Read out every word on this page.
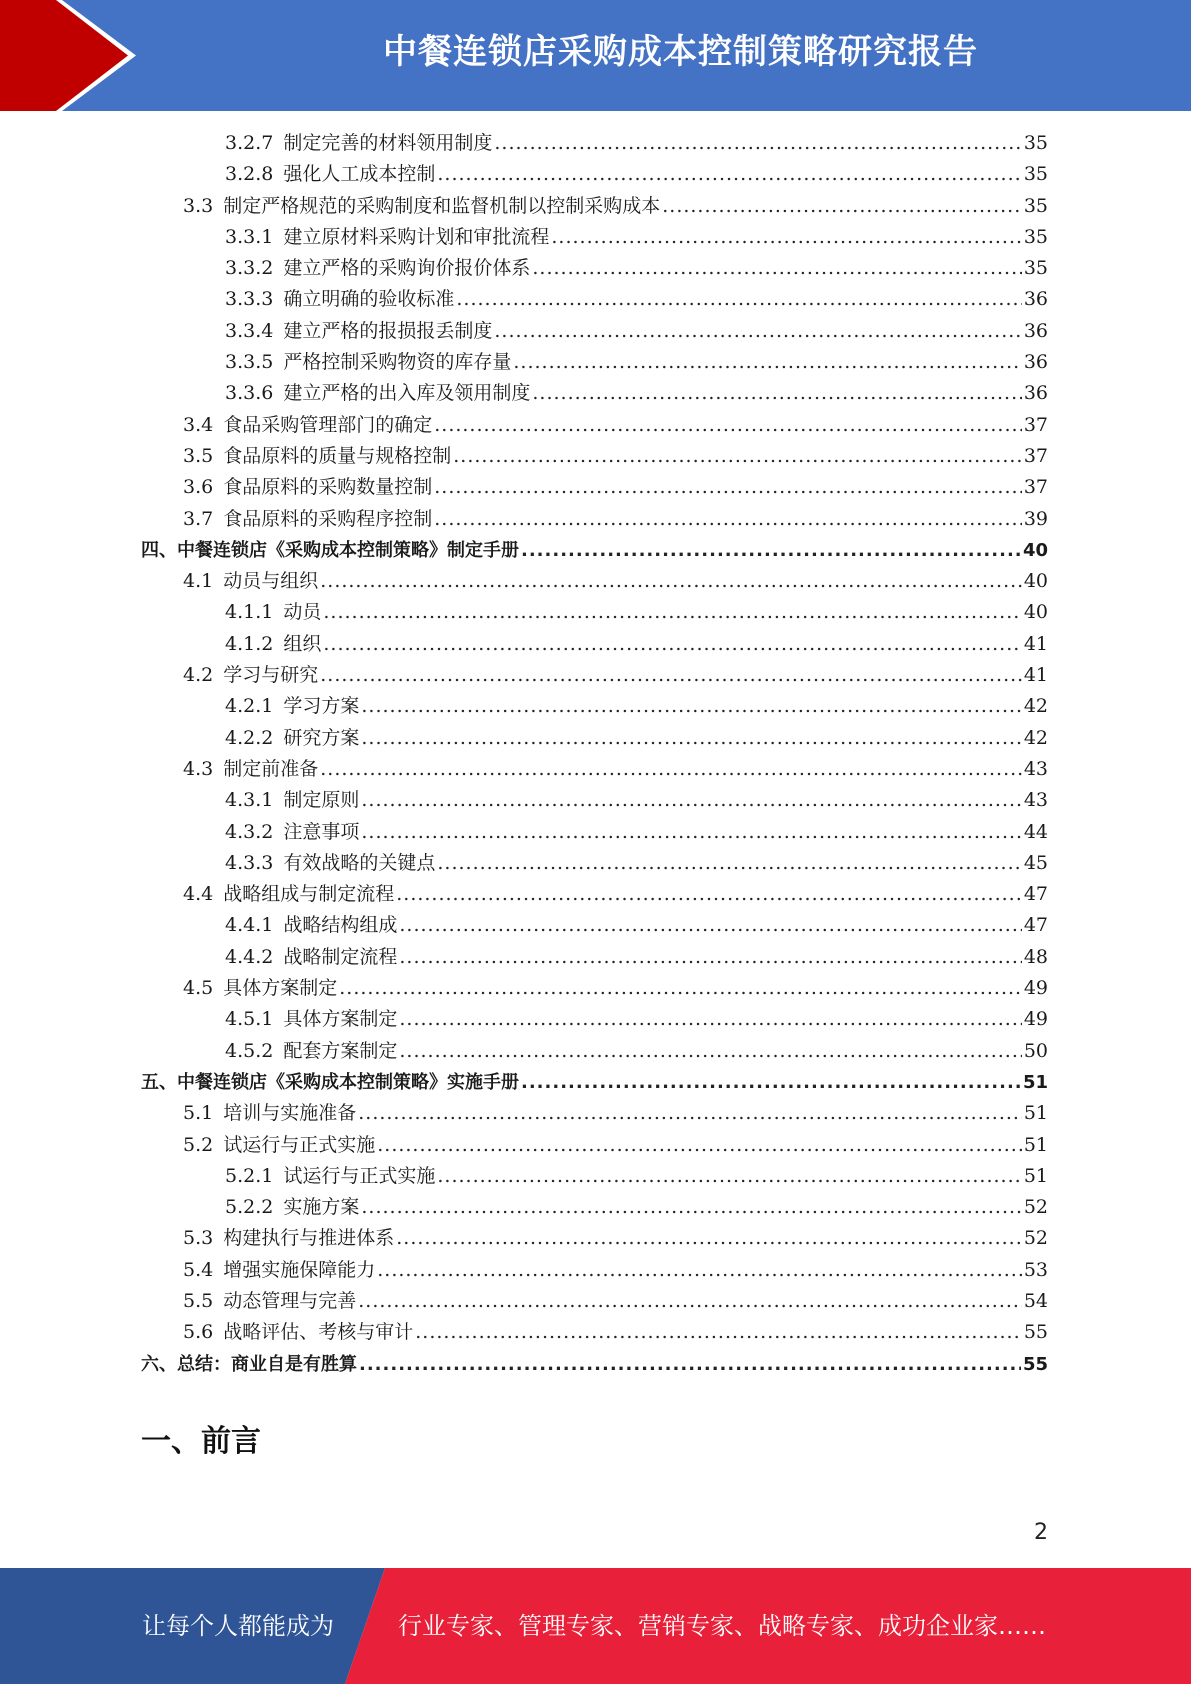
中餐连锁店采购成本控制策略研究报告
3.2.7 制定完善的材料领用制度 .....	35
3.2.8 强化人工成本控制 .....	35
3.3 制定严格规范的采购制度和监督机制以控制采购成本 .....	35
3.3.1 建立原材料采购计划和审批流程 .....	35
3.3.2 建立严格的采购询价报价体系 .....	35
3.3.3 确立明确的验收标准 .....	36
3.3.4 建立严格的报损报丢制度 .....	36
3.3.5 严格控制采购物资的库存量 .....	36
3.3.6 建立严格的出入库及领用制度 .....	36
3.4 食品采购管理部门的确定 .....	37
3.5 食品原料的质量与规格控制 .....	37
3.6 食品原料的采购数量控制 .....	37
3.7 食品原料的采购程序控制 .....	39
四、中餐连锁店《采购成本控制策略》制定手册 .....	40
4.1 动员与组织 .....	40
4.1.1 动员 .....	40
4.1.2 组织 .....	41
4.2 学习与研究 .....	41
4.2.1 学习方案 .....	42
4.2.2 研究方案 .....	42
4.3 制定前准备 .....	43
4.3.1 制定原则 .....	43
4.3.2 注意事项 .....	44
4.3.3 有效战略的关键点 .....	45
4.4 战略组成与制定流程 .....	47
4.4.1 战略结构组成 .....	47
4.4.2 战略制定流程 .....	48
4.5 具体方案制定 .....	49
4.5.1 具体方案制定 .....	49
4.5.2 配套方案制定 .....	50
五、中餐连锁店《采购成本控制策略》实施手册 .....	51
5.1 培训与实施准备 .....	51
5.2 试运行与正式实施 .....	51
5.2.1 试运行与正式实施 .....	51
5.2.2 实施方案 .....	52
5.3 构建执行与推进体系 .....	52
5.4 增强实施保障能力 .....	53
5.5 动态管理与完善 .....	54
5.6 战略评估、考核与审计 .....	55
六、总结：商业自是有胜算 .....	55
一、前言
2
让每个人都能成为	行业专家、管理专家、营销专家、战略专家、成功企业家……
